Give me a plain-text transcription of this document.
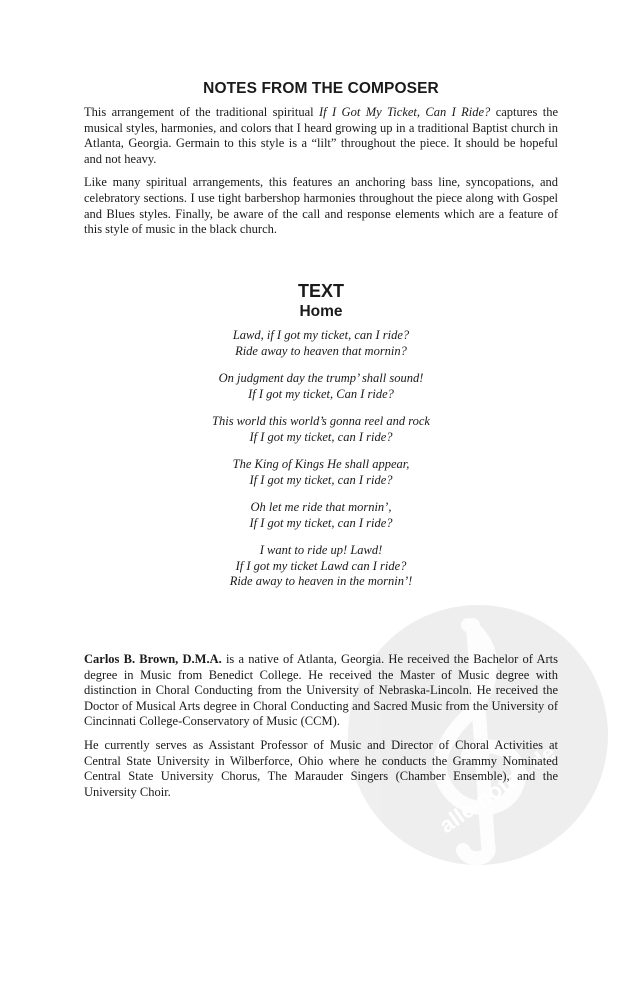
alle-noten.de
NOTES FROM THE COMPOSER

This arrangement of the traditional spiritual If I Got My Ticket, Can I Ride? captures the musical styles, harmonies, and colors that I heard growing up in a traditional Baptist church in Atlanta, Georgia. Germain to this style is a “lilt” throughout the piece. It should be hopeful and not heavy.

Like many spiritual arrangements, this features an anchoring bass line, syncopations, and celebratory sections. I use tight barbershop harmonies throughout the piece along with Gospel and Blues styles. Finally, be aware of the call and response elements which are a feature of this style of music in the black church.

TEXT
Home
Lawd, if I got my ticket, can I ride?
Ride away to heaven that mornin?
On judgment day the trump’ shall sound!
If I got my ticket, Can I ride?
This world this world’s gonna reel and rock
If I got my ticket, can I ride?
The King of Kings He shall appear,
If I got my ticket, can I ride?
Oh let me ride that mornin’,
If I got my ticket, can I ride?
I want to ride up! Lawd!
If I got my ticket Lawd can I ride?
Ride away to heaven in the mornin’!

Carlos B. Brown, D.M.A. is a native of Atlanta, Georgia. He received the Bachelor of Arts degree in Music from Benedict College. He received the Master of Music degree with distinction in Choral Conducting from the University of Nebraska-Lincoln. He received the Doctor of Musical Arts degree in Choral Conducting and Sacred Music from the University of Cincinnati College-Conservatory of Music (CCM).

He currently serves as Assistant Professor of Music and Director of Choral Activities at Central State University in Wilberforce, Ohio where he conducts the Grammy Nominated Central State University Chorus, The Marauder Singers (Chamber Ensemble), and the University Choir.
